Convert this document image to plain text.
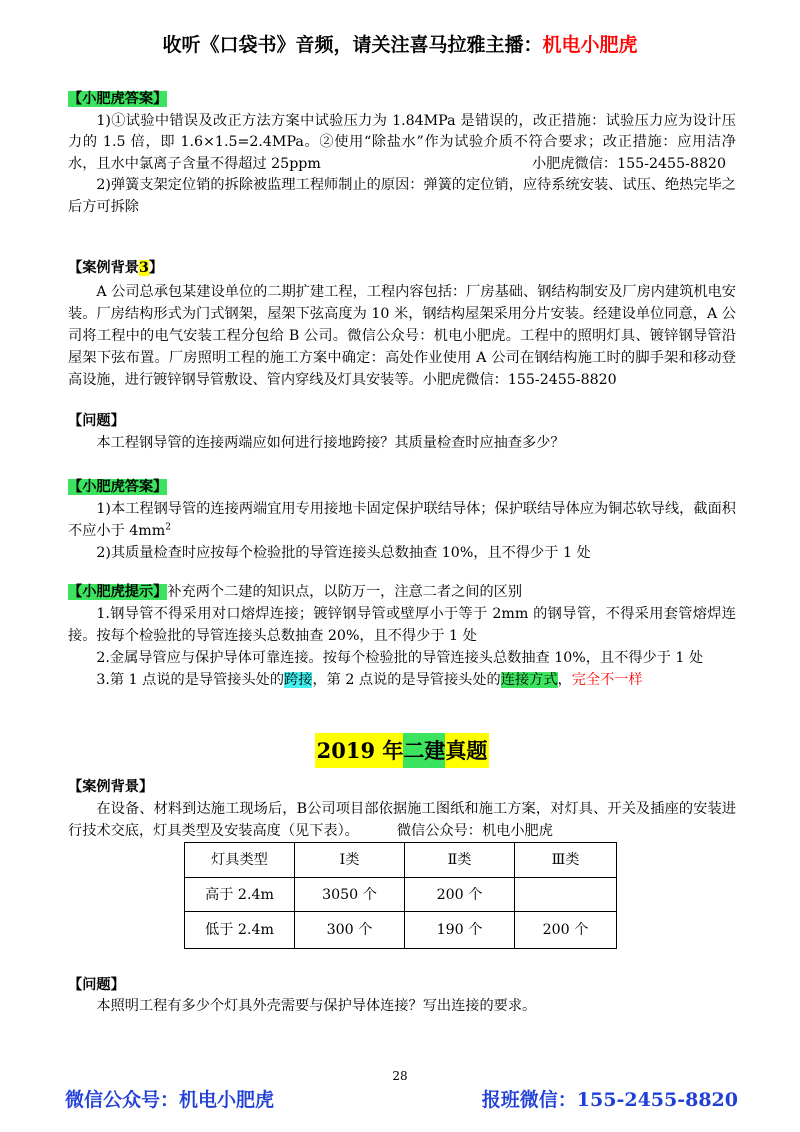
收听《口袋书》音频，请关注喜马拉雅主播：机电小肥虎
【小肥虎答案】

1)①试验中错误及改正方法方案中试验压力为 1.84MPa 是错误的，改正措施：试验压力应为设计压力的 1.5 倍，即 1.6×1.5=2.4MPa。②使用“除盐水”作为试验介质不符合要求；改正措施：应用洁净水，且水中氯离子含量不得超过 25ppm	小肥虎微信：155-2455-8820

2)弹簧支架定位销的拆除被监理工程师制止的原因：弹簧的定位销，应待系统安装、试压、绝热完毕之后方可拆除

【案例背景3】

A 公司总承包某建设单位的二期扩建工程，工程内容包括：厂房基础、钢结构制安及厂房内建筑机电安装。厂房结构形式为门式钢架，屋架下弦高度为 10 米，钢结构屋架采用分片安装。经建设单位同意，A 公司将工程中的电气安装工程分包给 B 公司。微信公众号：机电小肥虎。工程中的照明灯具、镀锌钢导管沿屋架下弦布置。厂房照明工程的施工方案中确定：高处作业使用 A 公司在钢结构施工时的脚手架和移动登高设施，进行镀锌钢导管敷设、管内穿线及灯具安装等。小肥虎微信：155-2455-8820

【问题】

本工程钢导管的连接两端应如何进行接地跨接？其质量检查时应抽查多少？

【小肥虎答案】

1)本工程钢导管的连接两端宜用专用接地卡固定保护联结导体；保护联结导体应为铜芯软导线，截面积不应小于 $4mm^2$

2)其质量检查时应按每个检验批的导管连接头总数抽查 10%，且不得少于 1 处

【小肥虎提示】补充两个二建的知识点，以防万一，注意二者之间的区别

1.钢导管不得采用对口熔焊连接；镀锌钢导管或壁厚小于等于 2mm 的钢导管，不得采用套管熔焊连接。按每个检验批的导管连接头总数抽查 20%，且不得少于 1 处

2.金属导管应与保护导体可靠连接。按每个检验批的导管连接头总数抽查 10%，且不得少于 1 处

3.第 1 点说的是导管接头处的跨接，第 2 点说的是导管接头处的连接方式，完全不一样

2019 年二建真题
【案例背景】

在设备、材料到达施工现场后，B公司项目部依据施工图纸和施工方案，对灯具、开关及插座的安装进行技术交底，灯具类型及安装高度（见下表）。	微信公众号：机电小肥虎

灯具类型	Ⅰ类	Ⅱ类	Ⅲ类
高于 2.4m	3050 个	200 个	
低于 2.4m	300 个	190 个	200 个
【问题】

本照明工程有多少个灯具外壳需要与保护导体连接？写出连接的要求。

28
微信公众号：机电小肥虎	报班微信：155-2455-8820
